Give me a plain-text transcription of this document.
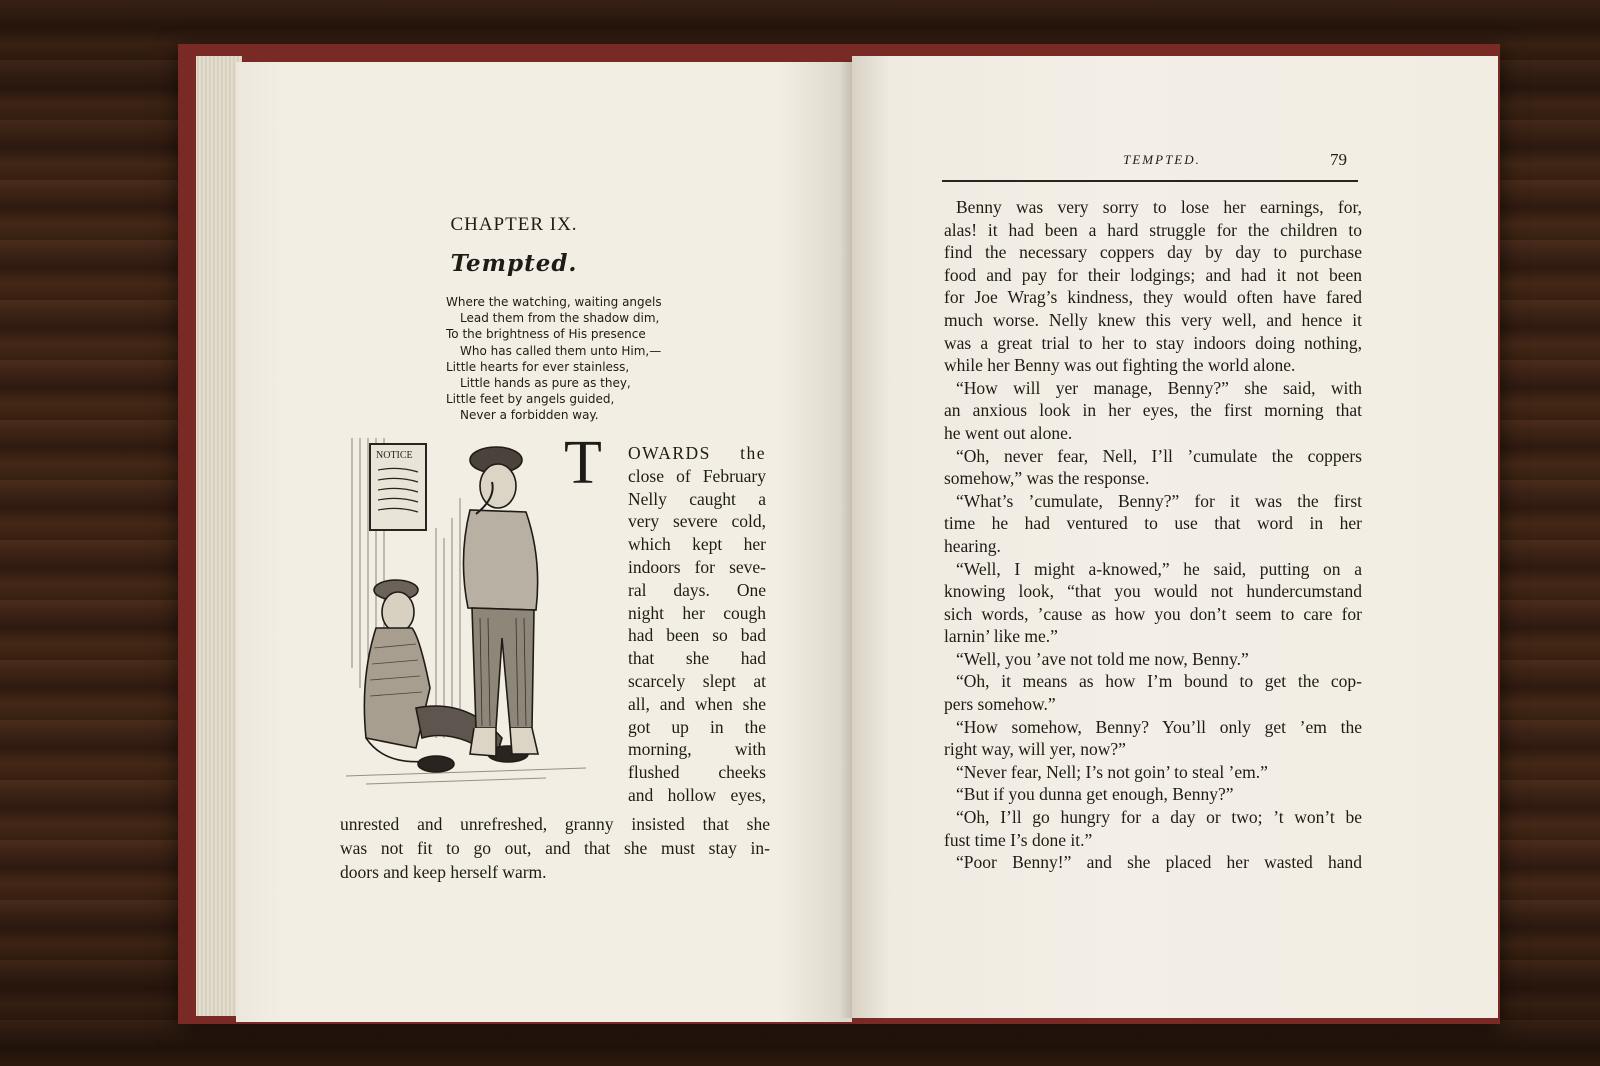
CHAPTER IX.
Tempted.
Where the watching, waiting angels
Lead them from the shadow dim,
To the brightness of His presence
Who has called them unto Him,—
Little hearts for ever stainless,
Little hands as pure as they,
Little feet by angels guided,
Never a forbidden way.
NOTICE T OWARDS the
close of February
Nelly caught a
very severe cold,
which kept her
indoors for seve-
ral days. One
night her cough
had been so bad
that she had
scarcely slept at
all, and when she
got up in the
morning, with
flushed cheeks
and hollow eyes,
unrested and unrefreshed, granny insisted that she
was not fit to go out, and that she must stay in-
doors and keep herself warm.
TEMPTED.	79
Benny was very sorry to lose her earnings, for,
alas! it had been a hard struggle for the children to
find the necessary coppers day by day to purchase
food and pay for their lodgings; and had it not been
for Joe Wrag’s kindness, they would often have fared
much worse. Nelly knew this very well, and hence it
was a great trial to her to stay indoors doing nothing,
while her Benny was out fighting the world alone.
“How will yer manage, Benny?” she said, with
an anxious look in her eyes, the first morning that
he went out alone.
“Oh, never fear, Nell, I’ll ’cumulate the coppers
somehow,” was the response.
“What’s ’cumulate, Benny?” for it was the first
time he had ventured to use that word in her
hearing.
“Well, I might a-knowed,” he said, putting on a
knowing look, “that you would not hundercumstand
sich words, ’cause as how you don’t seem to care for
larnin’ like me.”
“Well, you ’ave not told me now, Benny.”
“Oh, it means as how I’m bound to get the cop-
pers somehow.”
“How somehow, Benny? You’ll only get ’em the
right way, will yer, now?”
“Never fear, Nell; I’s not goin’ to steal ’em.”
“But if you dunna get enough, Benny?”
“Oh, I’ll go hungry for a day or two; ’t won’t be
fust time I’s done it.”
“Poor Benny!” and she placed her wasted hand
